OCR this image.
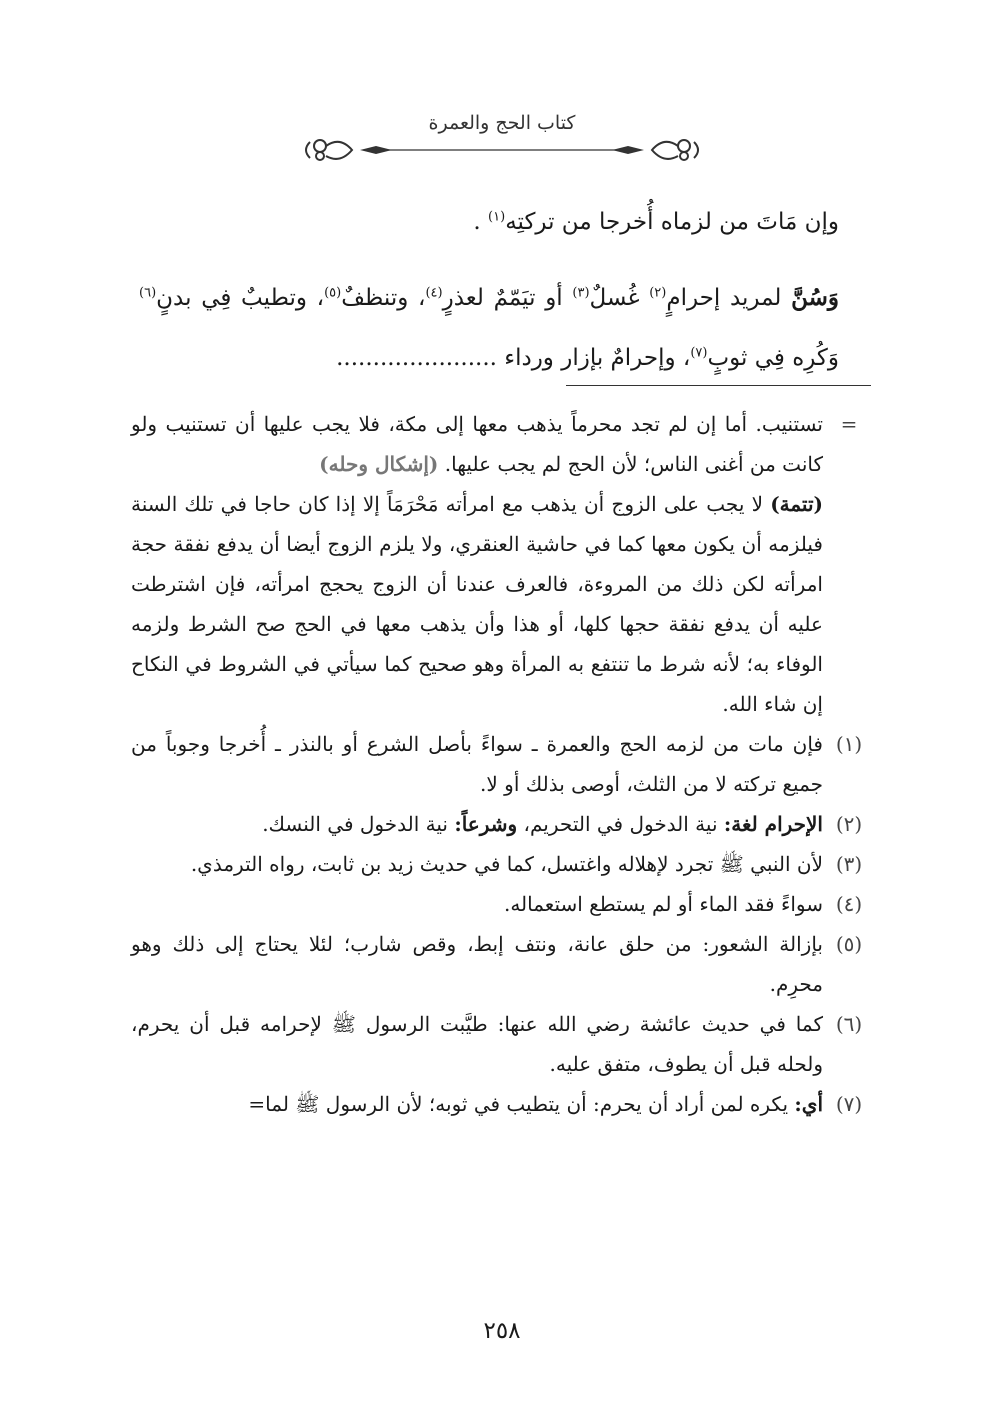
كتاب الحج والعمرة

وإن مَاتَ من لزماه أُخرجا من تركتِه$^{(١)}$ .

وَسُنَّ لمريد إحرامٍ$^{(٢)}$ غُسلٌ$^{(٣)}$ أو تيَمّمٌ لعذرٍ$^{(٤)}$، وتنظفٌ$^{(٥)}$، وتطيبٌ فِي بدنٍ$^{(٦)}$ وَكُرِه فِي ثوبٍ$^{(٧)}$، وإحرامٌ بإزار ورداء ......................

=
تستنيب. أما إن لم تجد محرماً يذهب معها إلى مكة، فلا يجب عليها أن تستنيب ولو كانت من أغنى الناس؛ لأن الحج لم يجب عليها. (إشكال وحله)

(تتمة) لا يجب على الزوج أن يذهب مع امرأته مَحْرَمَاً إلا إذا كان حاجا في تلك السنة فيلزمه أن يكون معها كما في حاشية العنقري، ولا يلزم الزوج أيضا أن يدفع نفقة حجة امرأته لكن ذلك من المروءة، فالعرف عندنا أن الزوج يحجج امرأته، فإن اشترطت عليه أن يدفع نفقة حجها كلها، أو هذا وأن يذهب معها في الحج صح الشرط ولزمه الوفاء به؛ لأنه شرط ما تنتفع به المرأة وهو صحيح كما سيأتي في الشروط في النكاح إن شاء الله.

(١)
فإن مات من لزمه الحج والعمرة ـ سواءً بأصل الشرع أو بالنذر ـ أُخرجا وجوباً من جميع تركته لا من الثلث، أوصى بذلك أو لا.

(٢)
الإحرام لغة: نية الدخول في التحريم، وشرعاً: نية الدخول في النسك.

(٣)
لأن النبي ﷺ تجرد لإهلاله واغتسل، كما في حديث زيد بن ثابت، رواه الترمذي.

(٤)
سواءً فقد الماء أو لم يستطع استعماله.

(٥)
بإزالة الشعور: من حلق عانة، ونتف إبط، وقص شارب؛ لئلا يحتاج إلى ذلك وهو محرِم.

(٦)
كما في حديث عائشة رضي الله عنها: طيَّبت الرسول ﷺ لإحرامه قبل أن يحرم، ولحله قبل أن يطوف، متفق عليه.

(٧)
أي: يكره لمن أراد أن يحرم: أن يتطيب في ثوبه؛ لأن الرسول ﷺ لما=

٢٥٨
